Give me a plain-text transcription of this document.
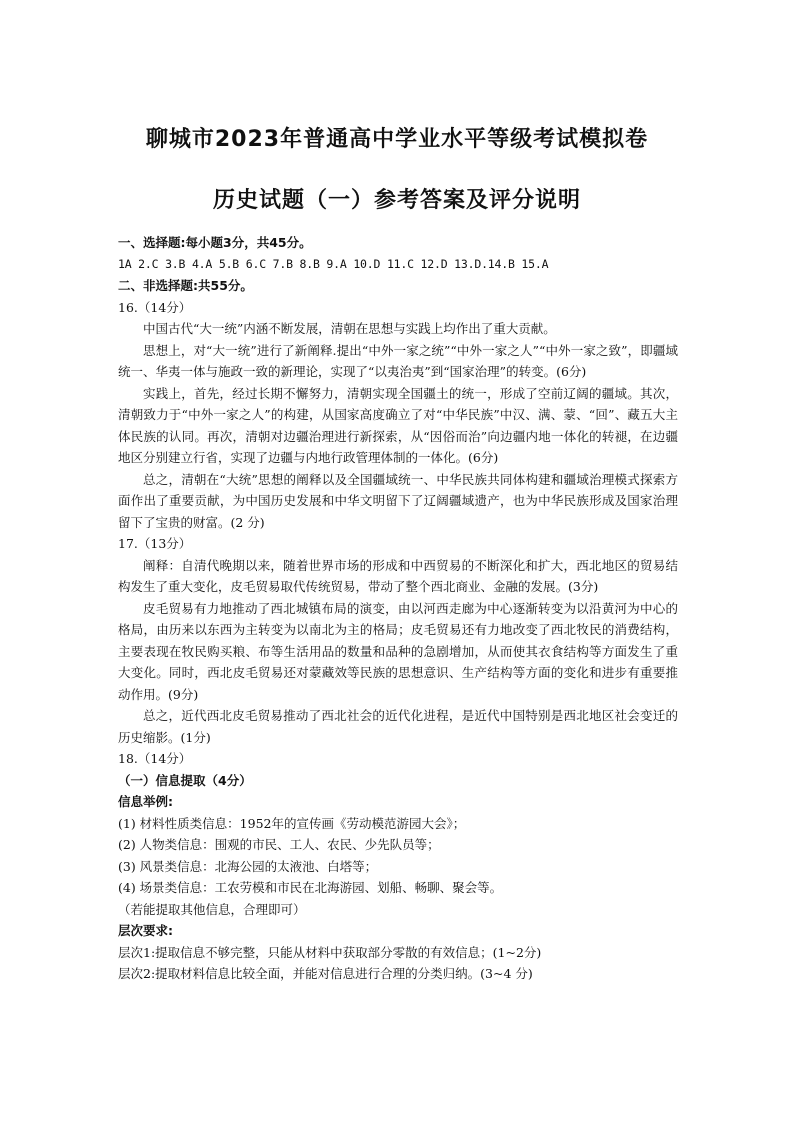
聊城市2023年普通高中学业水平等级考试模拟卷
历史试题（一）参考答案及评分说明

一、选择题:每小题3分，共45分。

1A 2.C 3.B 4.A 5.B 6.C 7.B 8.B 9.A 10.D 11.C 12.D 13.D.14.B 15.A

二、非选择题:共55分。

16.（14分）

中国古代“大一统”内涵不断发展，清朝在思想与实践上均作出了重大贡献。

思想上，对“大一统”进行了新阐释.提出“中外一家之统”“中外一家之人”“中外一家之致”，即疆域统一、华夷一体与施政一致的新理论，实现了“以夷治夷”到“国家治理”的转变。(6分)

实践上，首先，经过长期不懈努力，清朝实现全国疆土的统一，形成了空前辽阔的疆域。其次，清朝致力于“中外一家之人”的构建，从国家高度确立了对“中华民族”中汉、满、蒙、“回”、藏五大主体民族的认同。再次，清朝对边疆治理进行新探索，从“因俗而治”向边疆内地一体化的转褪，在边疆地区分别建立行省，实现了边疆与内地行政管理体制的一体化。(6分)

总之，清朝在“大统”思想的阐释以及全国疆域统一、中华民族共同体构建和疆域治理模式探索方面作出了重要贡献，为中国历史发展和中华文明留下了辽阔疆域遗产，也为中华民族形成及国家治理留下了宝贵的财富。(2 分)

17.（13分）

阐释：自清代晚期以来，随着世界市场的形成和中西贸易的不断深化和扩大，西北地区的贸易结构发生了重大变化，皮毛贸易取代传统贸易，带动了整个西北商业、金融的发展。(3分)

皮毛贸易有力地推动了西北城镇布局的演变，由以河西走廊为中心逐渐转变为以沿黄河为中心的格局，由历来以东西为主转变为以南北为主的格局；皮毛贸易还有力地改变了西北牧民的消费结构，主要表现在牧民购买粮、布等生活用品的数量和品种的急剧增加，从而使其衣食结构等方面发生了重大变化。同时，西北皮毛贸易还对蒙藏效等民族的思想意识、生产结构等方面的变化和进步有重要推动作用。(9分)

总之，近代西北皮毛贸易推动了西北社会的近代化进程，是近代中国特别是西北地区社会变迁的历史缩影。(1分)

18.（14分）

（一）信息提取（4分）

信息举例:

(1) 材料性质类信息：1952年的宣传画《劳动模范游园大会》；

(2) 人物类信息：围观的市民、工人、农民、少先队员等；

(3) 风景类信息：北海公园的太液池、白塔等；

(4) 场景类信息：工农劳模和市民在北海游园、划船、畅聊、聚会等。

（若能提取其他信息，合理即可）

层次要求:

层次1:提取信息不够完整，只能从材料中获取部分零散的有效信息；(1~2分)

层次2:提取材料信息比较全面，并能对信息进行合理的分类归纳。(3~4 分)
